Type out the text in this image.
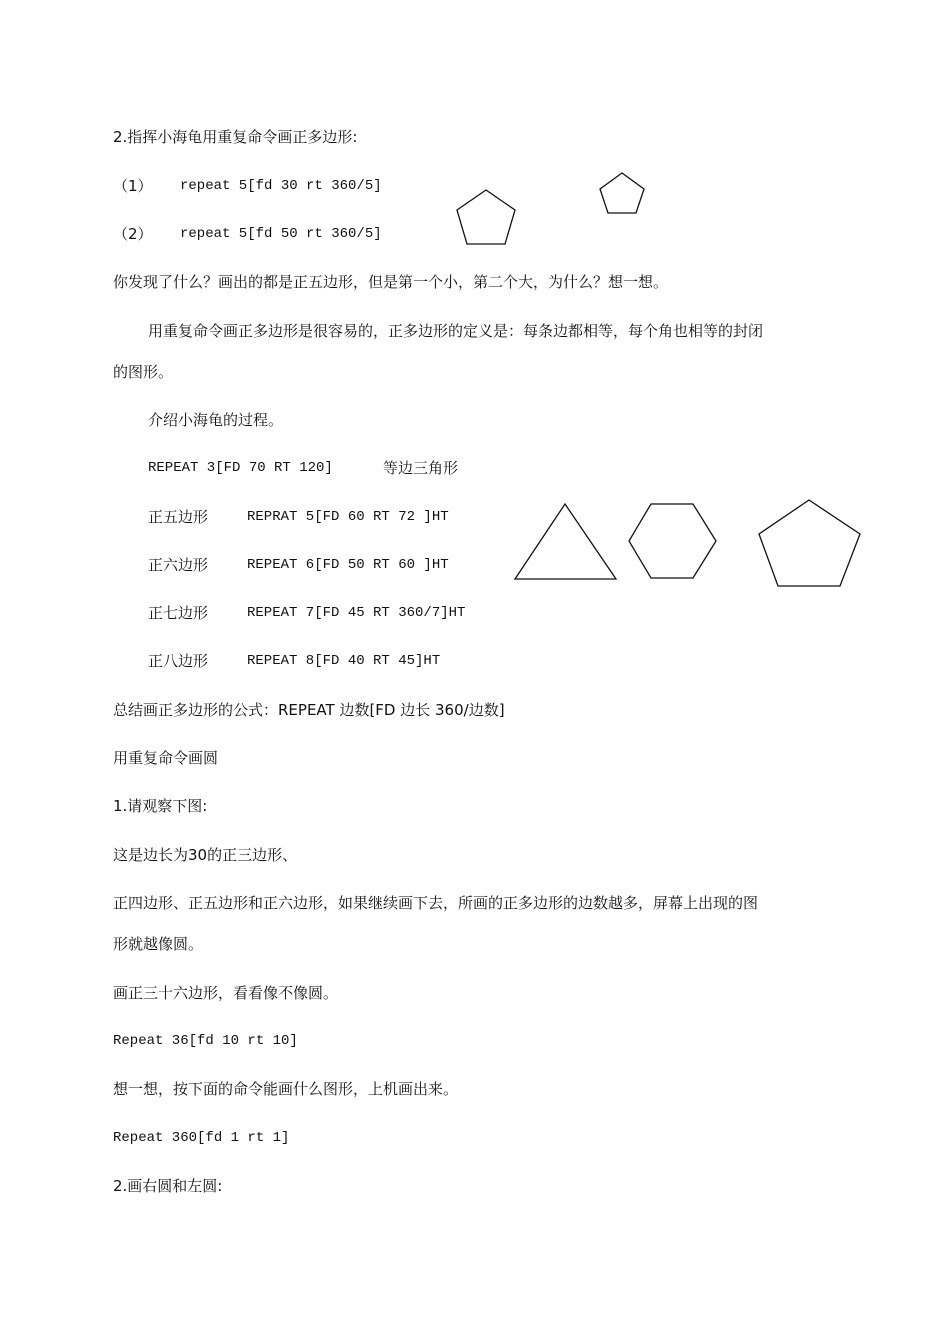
2.指挥小海龟用重复命令画正多边形:
（1） repeat 5[fd 30 rt 360/5]
（2） repeat 5[fd 50 rt 360/5]
你发现了什么？画出的都是正五边形，但是第一个小，第二个大，为什么？想一想。
用重复命令画正多边形是很容易的，正多边形的定义是：每条边都相等，每个角也相等的封闭
的图形。
介绍小海龟的过程。
REPEAT 3[FD 70 RT 120]	等边三角形
正五边形	REPRAT 5[FD 60 RT 72 ]HT
正六边形	REPEAT 6[FD 50 RT 60 ]HT
正七边形	REPEAT 7[FD 45 RT 360/7]HT
正八边形	REPEAT 8[FD 40 RT 45]HT
总结画正多边形的公式：REPEAT 边数[FD 边长 360/边数]
用重复命令画圆
1.请观察下图:
这是边长为30的正三边形、
正四边形、正五边形和正六边形，如果继续画下去，所画的正多边形的边数越多，屏幕上出现的图
形就越像圆。
画正三十六边形，看看像不像圆。
Repeat 36[fd 10 rt 10]
想一想，按下面的命令能画什么图形，上机画出来。
Repeat 360[fd 1 rt 1]
2.画右圆和左圆:
